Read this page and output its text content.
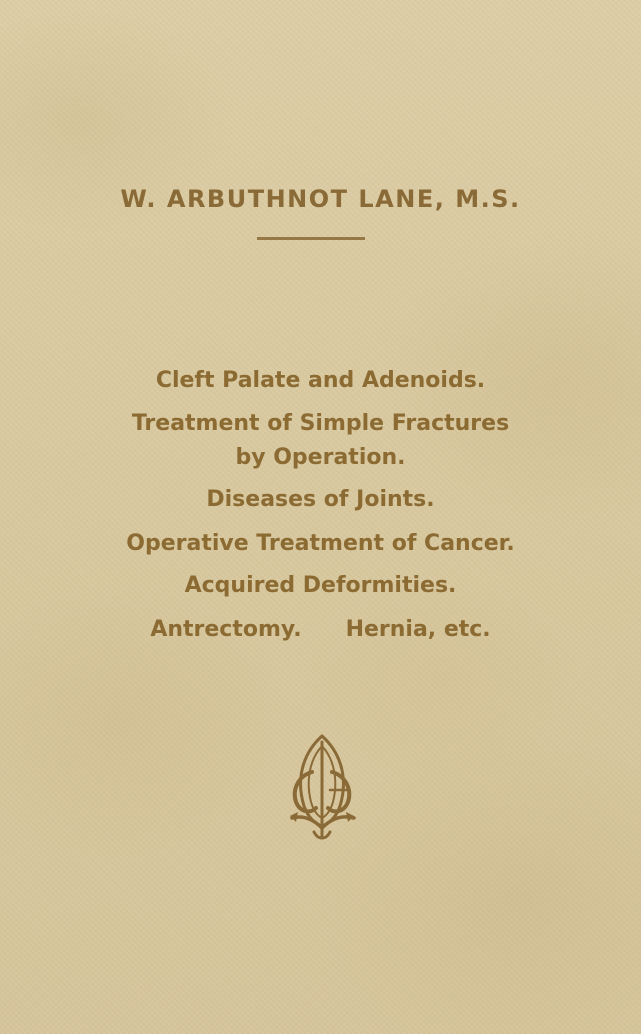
W. ARBUTHNOT LANE, M.S.
Cleft Palate and Adenoids.
Treatment of Simple Fractures
by Operation.
Diseases of Joints.
Operative Treatment of Cancer.
Acquired Deformities.
Antrectomy. Hernia, etc.
